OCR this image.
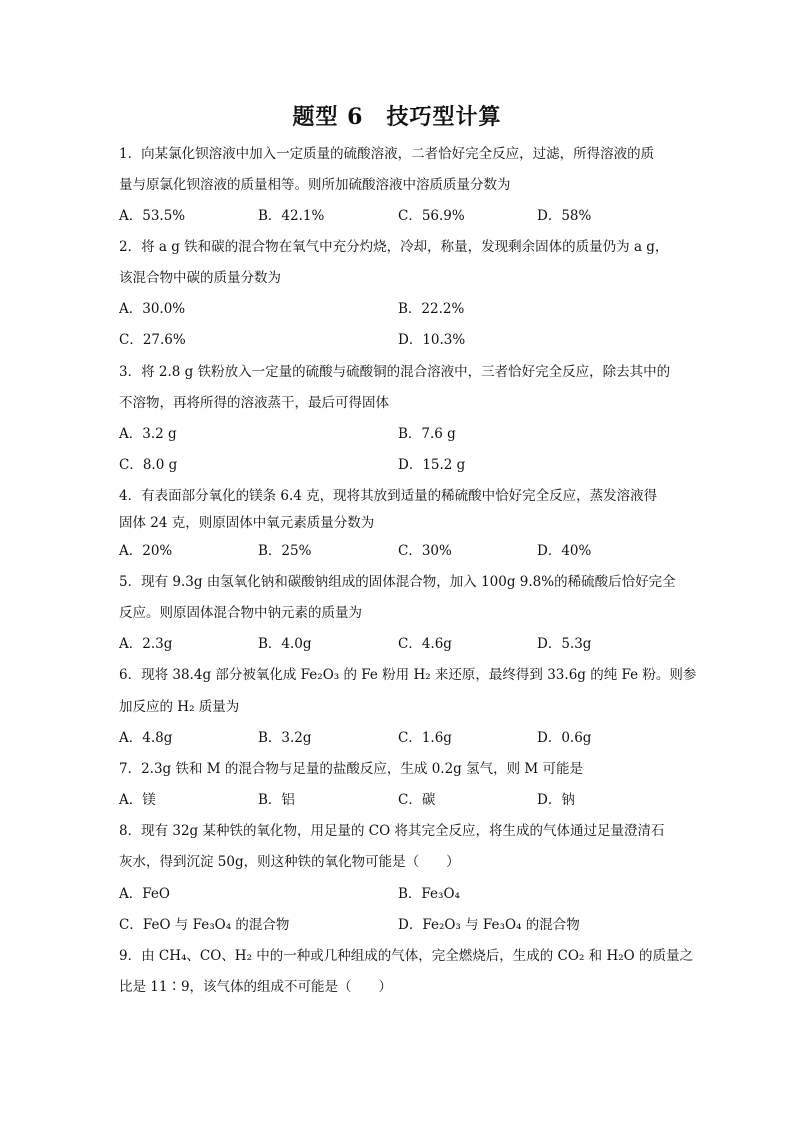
题型 6　技巧型计算
1．向某氯化钡溶液中加入一定质量的硫酸溶液，二者恰好完全反应，过滤，所得溶液的质
量与原氯化钡溶液的质量相等。则所加硫酸溶液中溶质质量分数为
A．53.5%	B．42.1%	C．56.9%	D．58%
2．将 a g 铁和碳的混合物在氧气中充分灼烧，冷却，称量，发现剩余固体的质量仍为 a g，
该混合物中碳的质量分数为
A．30.0%	B．22.2%
C．27.6%	D．10.3%
3．将 2.8 g 铁粉放入一定量的硫酸与硫酸铜的混合溶液中，三者恰好完全反应，除去其中的
不溶物，再将所得的溶液蒸干，最后可得固体
A．3.2 g	B．7.6 g
C．8.0 g	D．15.2 g
4．有表面部分氧化的镁条 6.4 克，现将其放到适量的稀硫酸中恰好完全反应，蒸发溶液得
固体 24 克，则原固体中氧元素质量分数为
A．20%	B．25%	C．30%	D．40%
5．现有 9.3g 由氢氧化钠和碳酸钠组成的固体混合物，加入 100g 9.8%的稀硫酸后恰好完全
反应。则原固体混合物中钠元素的质量为
A．2.3g	B．4.0g	C．4.6g	D．5.3g
6．现将 38.4g 部分被氧化成 Fe₂O₃ 的 Fe 粉用 H₂ 来还原，最终得到 33.6g 的纯 Fe 粉。则参
加反应的 H₂ 质量为
A．4.8g	B．3.2g	C．1.6g	D．0.6g
7．2.3g 铁和 M 的混合物与足量的盐酸反应，生成 0.2g 氢气，则 M 可能是
A．镁	B．铝	C．碳	D．钠
8．现有 32g 某种铁的氧化物，用足量的 CO 将其完全反应，将生成的气体通过足量澄清石
灰水，得到沉淀 50g，则这种铁的氧化物可能是（　　）
A．FeO	B．Fe₃O₄
C．FeO 与 Fe₃O₄ 的混合物	D．Fe₂O₃ 与 Fe₃O₄ 的混合物
9．由 CH₄、CO、H₂ 中的一种或几种组成的气体，完全燃烧后，生成的 CO₂ 和 H₂O 的质量之
比是 11∶9，该气体的组成不可能是（　　）
